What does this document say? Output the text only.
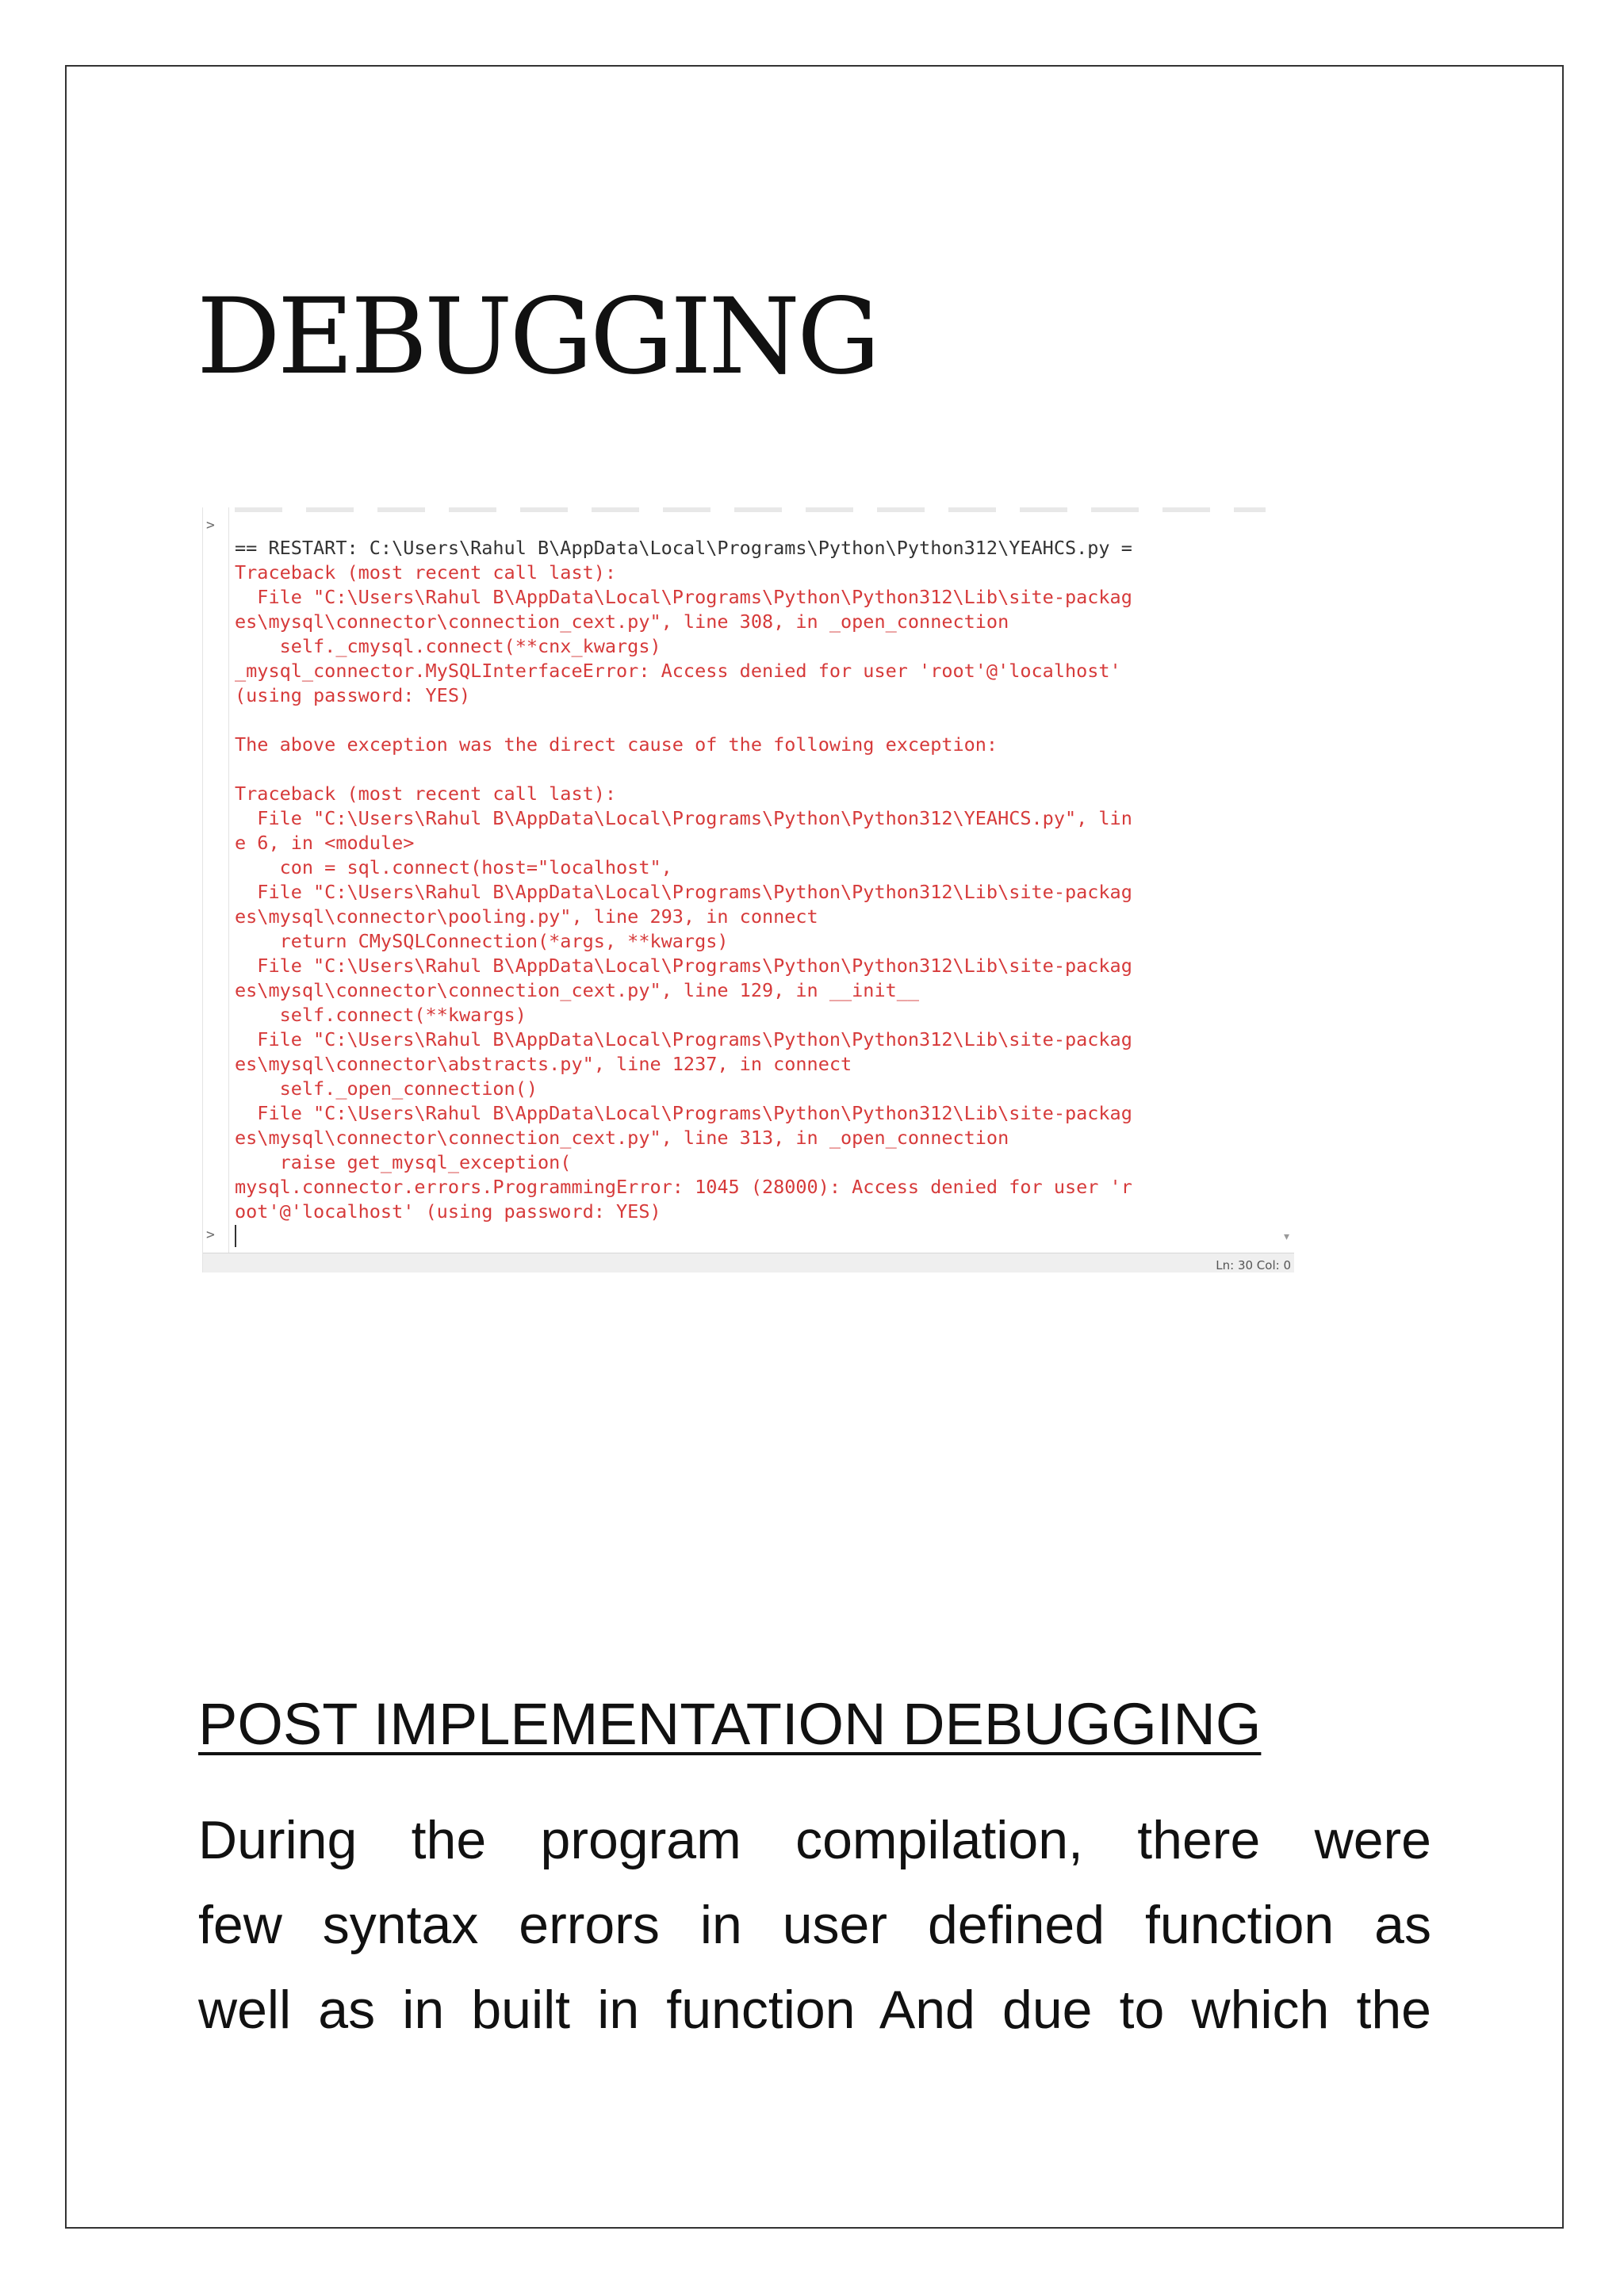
DEBUGGING
>
== RESTART: C:\Users\Rahul B\AppData\Local\Programs\Python\Python312\YEAHCS.py =
Traceback (most recent call last):
File "C:\Users\Rahul B\AppData\Local\Programs\Python\Python312\Lib\site-packag
es\mysql\connector\connection_cext.py", line 308, in _open_connection
self._cmysql.connect(**cnx_kwargs)
_mysql_connector.MySQLInterfaceError: Access denied for user 'root'@'localhost'
(using password: YES)
The above exception was the direct cause of the following exception:
Traceback (most recent call last):
File "C:\Users\Rahul B\AppData\Local\Programs\Python\Python312\YEAHCS.py", lin
e 6, in <module>
con = sql.connect(host="localhost",
File "C:\Users\Rahul B\AppData\Local\Programs\Python\Python312\Lib\site-packag
es\mysql\connector\pooling.py", line 293, in connect
return CMySQLConnection(*args, **kwargs)
File "C:\Users\Rahul B\AppData\Local\Programs\Python\Python312\Lib\site-packag
es\mysql\connector\connection_cext.py", line 129, in __init__
self.connect(**kwargs)
File "C:\Users\Rahul B\AppData\Local\Programs\Python\Python312\Lib\site-packag
es\mysql\connector\abstracts.py", line 1237, in connect
self._open_connection()
File "C:\Users\Rahul B\AppData\Local\Programs\Python\Python312\Lib\site-packag
es\mysql\connector\connection_cext.py", line 313, in _open_connection
raise get_mysql_exception(
mysql.connector.errors.ProgrammingError: 1045 (28000): Access denied for user 'r
oot'@'localhost' (using password: YES)
>	▾
Ln: 30 Col: 0
POST IMPLEMENTATION DEBUGGING
During the program compilation, there were
few syntax errors in user defined function as
well as in built in function And due to which the
